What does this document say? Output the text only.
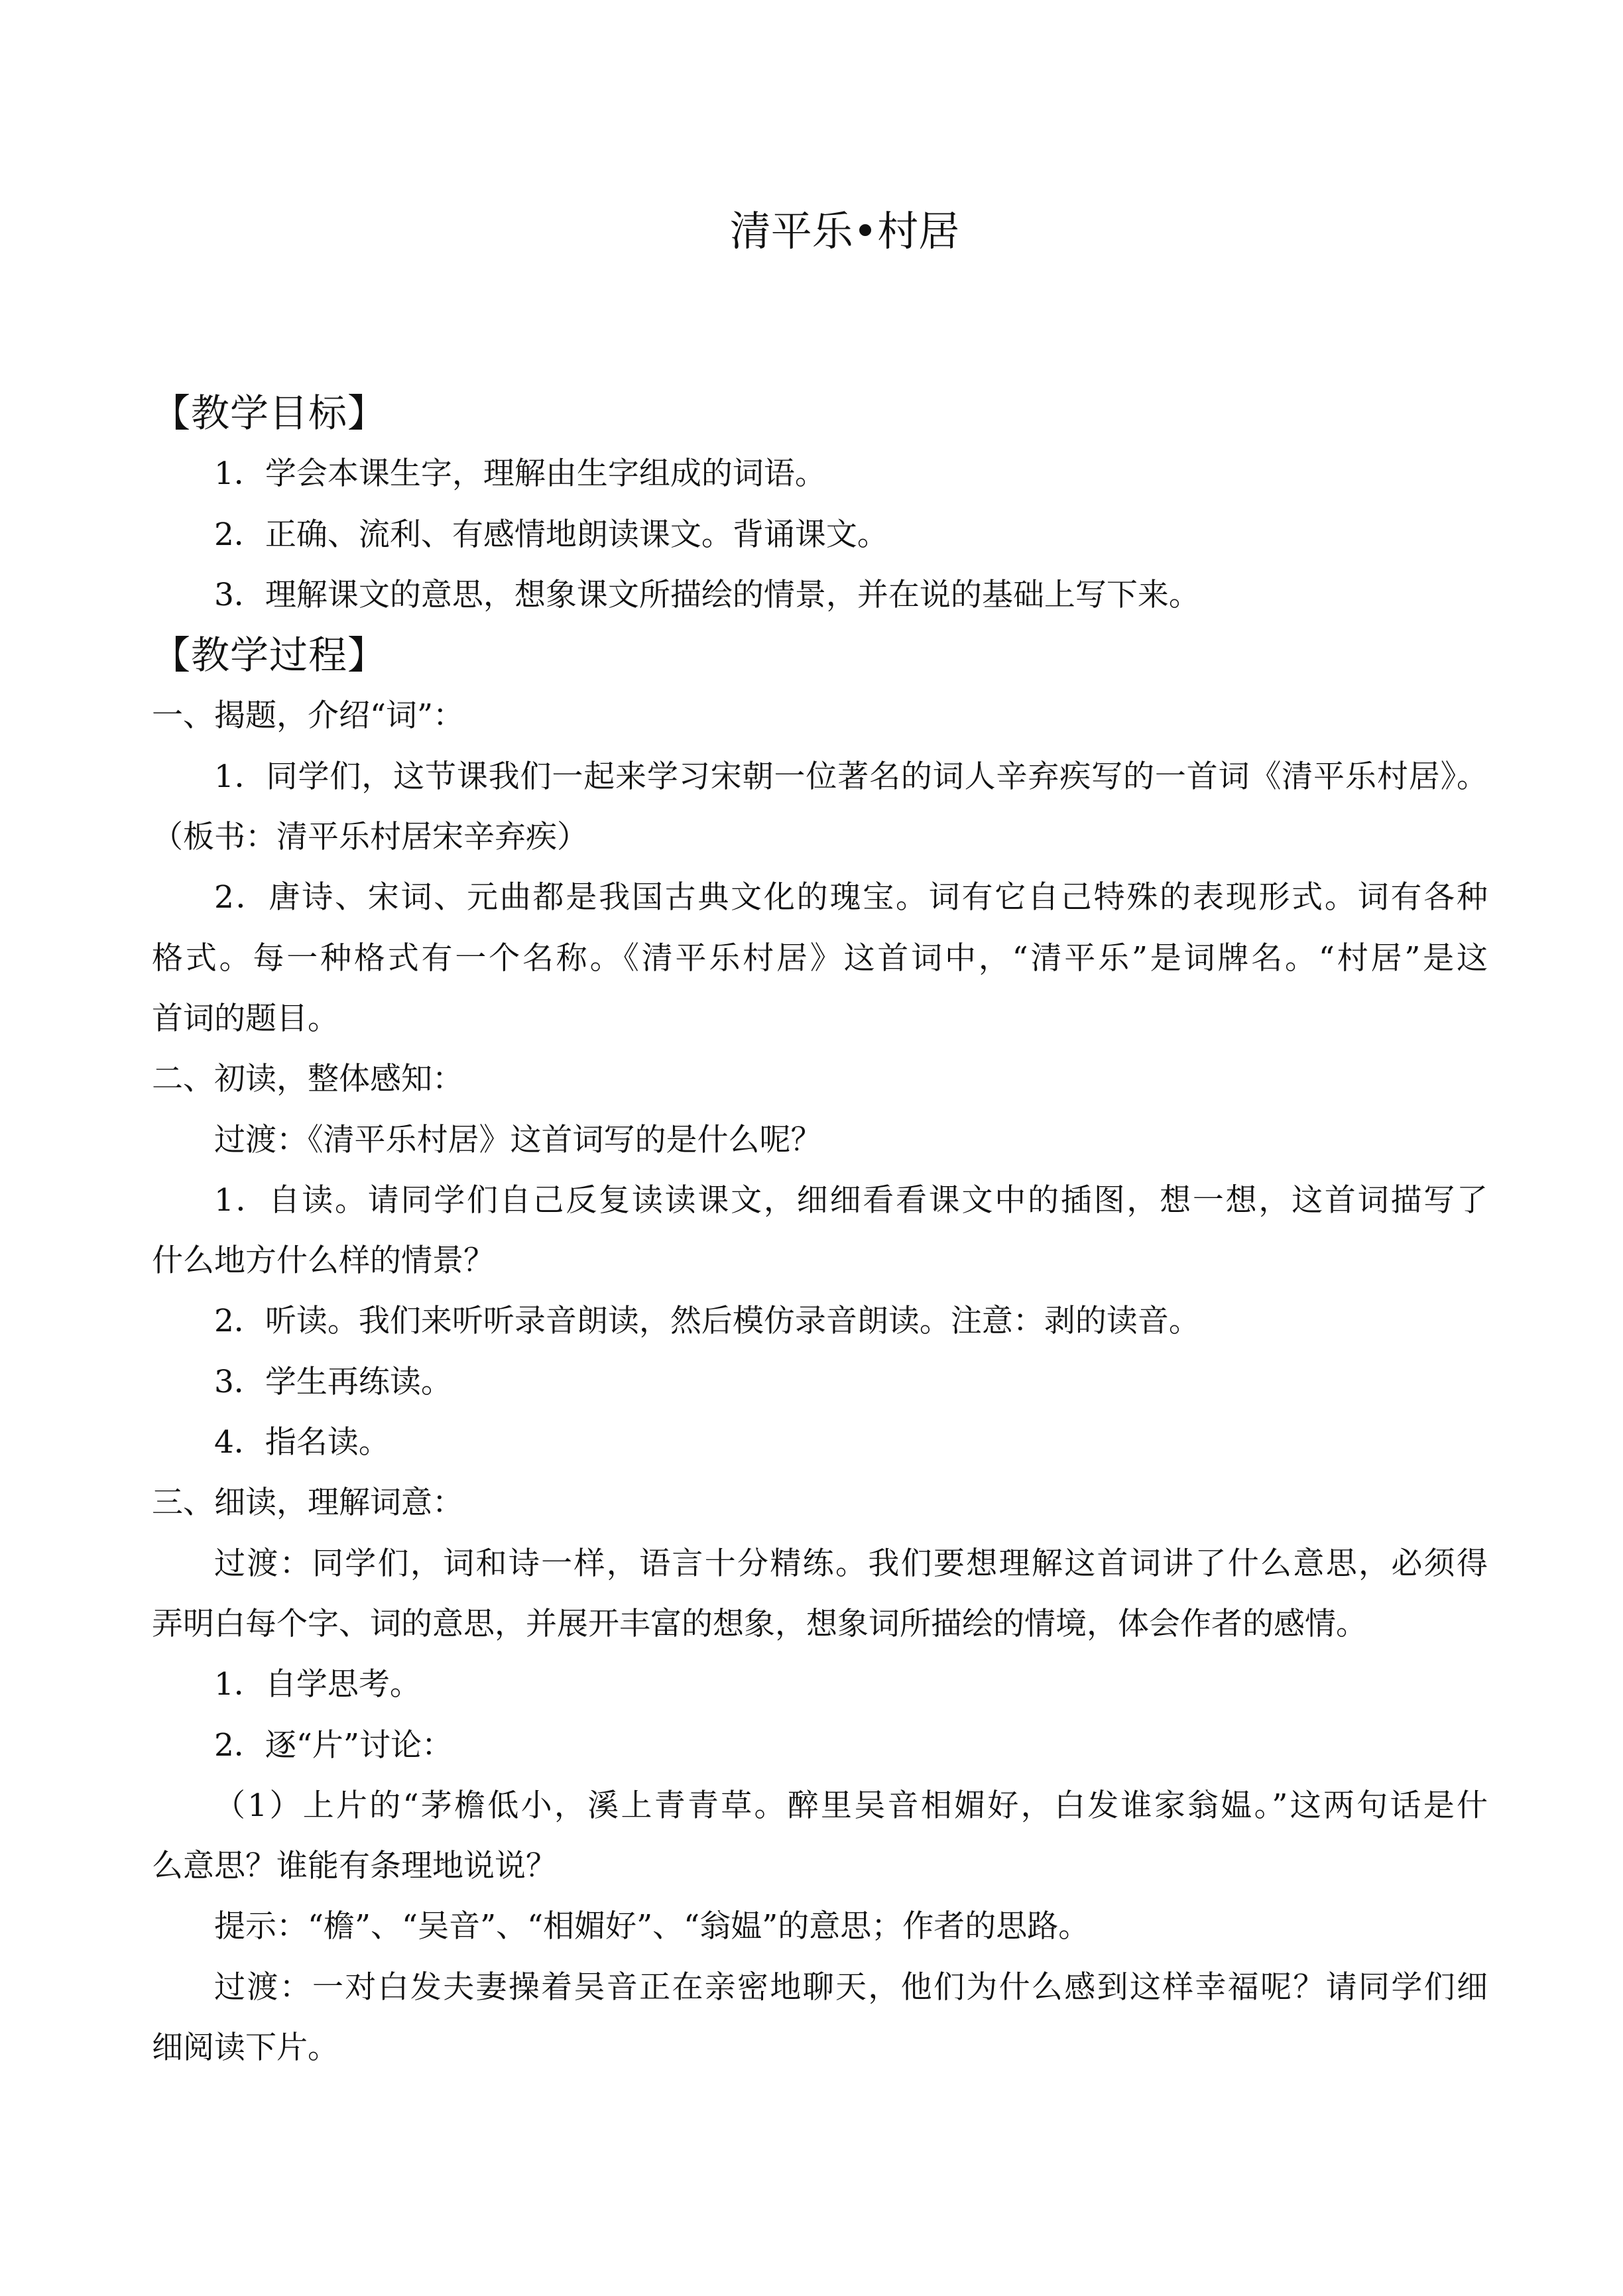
清平乐•村居
【教学目标】
1．学会本课生字，理解由生字组成的词语。
2．正确、流利、有感情地朗读课文。背诵课文。
3．理解课文的意思，想象课文所描绘的情景，并在说的基础上写下来。
【教学过程】
一、揭题，介绍“词”：
1．同学们，这节课我们一起来学习宋朝一位著名的词人辛弃疾写的一首词《清平乐村居》。
（板书：清平乐村居宋辛弃疾）
2．唐诗、宋词、元曲都是我国古典文化的瑰宝。词有它自己特殊的表现形式。词有各种
格式。每一种格式有一个名称。《清平乐村居》这首词中，“清平乐”是词牌名。“村居”是这
首词的题目。
二、初读，整体感知：
过渡：《清平乐村居》这首词写的是什么呢？
1．自读。请同学们自己反复读读课文，细细看看课文中的插图，想一想，这首词描写了
什么地方什么样的情景？
2．听读。我们来听听录音朗读，然后模仿录音朗读。注意：剥的读音。
3．学生再练读。
4．指名读。
三、细读，理解词意：
过渡：同学们，词和诗一样，语言十分精练。我们要想理解这首词讲了什么意思，必须得
弄明白每个字、词的意思，并展开丰富的想象，想象词所描绘的情境，体会作者的感情。
1．自学思考。
2．逐“片”讨论：
（1）上片的“茅檐低小，溪上青青草。醉里吴音相媚好，白发谁家翁媪。”这两句话是什
么意思？谁能有条理地说说？
提示：“檐”、“吴音”、“相媚好”、“翁媪”的意思；作者的思路。
过渡：一对白发夫妻操着吴音正在亲密地聊天，他们为什么感到这样幸福呢？请同学们细
细阅读下片。
